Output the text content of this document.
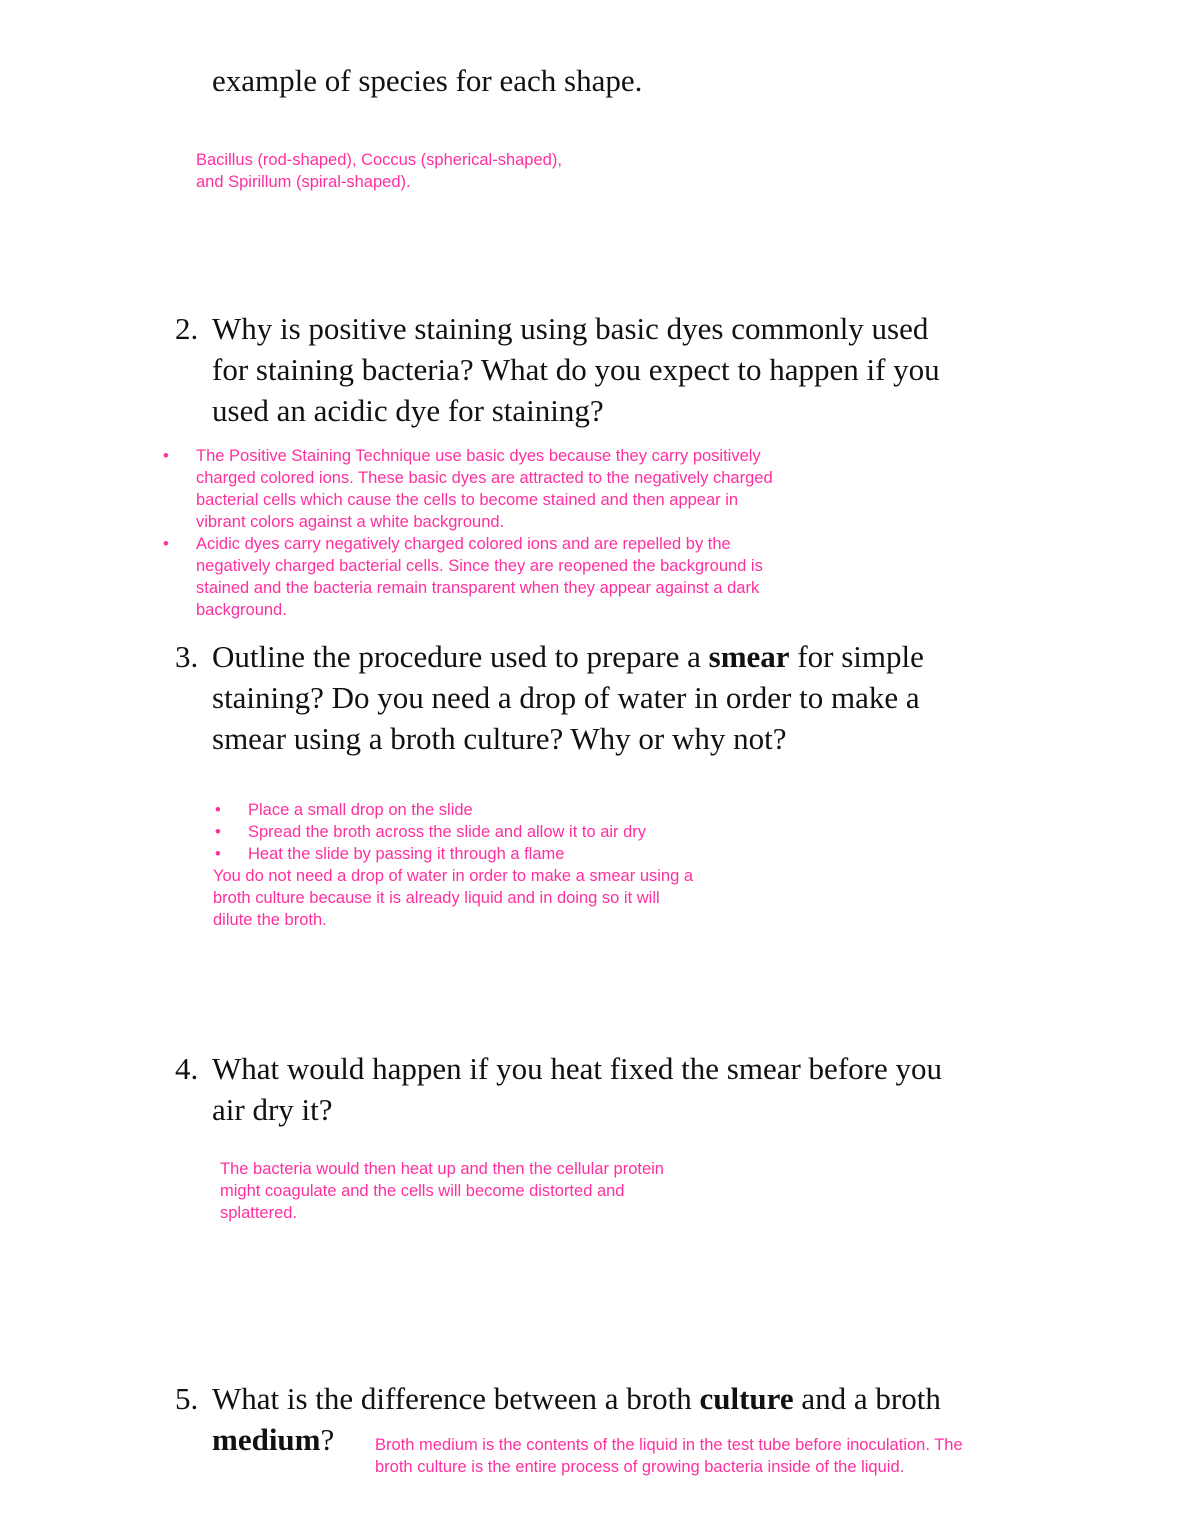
example of species for each shape.

Bacillus (rod-shaped), Coccus (spherical-shaped),
and Spirillum (spiral-shaped).
2. Why is positive staining using basic dyes commonly used
for staining bacteria? What do you expect to happen if you
used an acidic dye for staining?
• The Positive Staining Technique use basic dyes because they carry positively
charged colored ions. These basic dyes are attracted to the negatively charged
bacterial cells which cause the cells to become stained and then appear in
vibrant colors against a white background.
• Acidic dyes carry negatively charged colored ions and are repelled by the
negatively charged bacterial cells. Since they are reopened the background is
stained and the bacteria remain transparent when they appear against a dark
background.
3. Outline the procedure used to prepare a smear for simple
staining? Do you need a drop of water in order to make a
smear using a broth culture? Why or why not?
• Place a small drop on the slide
• Spread the broth across the slide and allow it to air dry
• Heat the slide by passing it through a flame
You do not need a drop of water in order to make a smear using a
broth culture because it is already liquid and in doing so it will
dilute the broth.
4. What would happen if you heat fixed the smear before you
air dry it?
The bacteria would then heat up and then the cellular protein
might coagulate and the cells will become distorted and
splattered.
5. What is the difference between a broth culture and a broth
medium?	Broth medium is the contents of the liquid in the test tube before inoculation. The
broth culture is the entire process of growing bacteria inside of the liquid.
